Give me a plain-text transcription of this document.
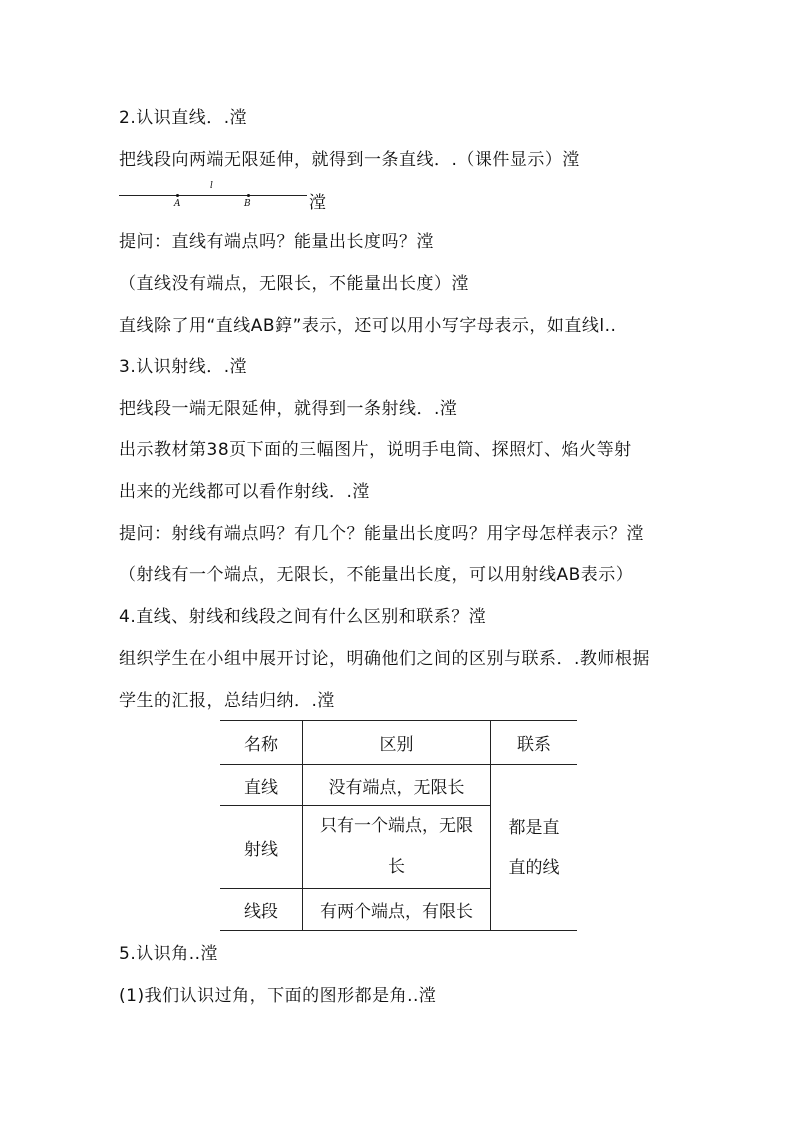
2.认识直线．.漟
把线段向两端无限延伸，就得到一条直线．.（课件显示）漟
l
A	B	漟
提问：直线有端点吗？能量出长度吗？漟
（直线没有端点，无限长，不能量出长度）漟
直线除了用“直线AB錞”表示，还可以用小写字母表示，如直线l..
3.认识射线．.漟
把线段一端无限延伸，就得到一条射线．.漟
出示教材第38页下面的三幅图片，说明手电筒、探照灯、焰火等射
出来的光线都可以看作射线．.漟
提问：射线有端点吗？有几个？能量出长度吗？用字母怎样表示？漟
（射线有一个端点，无限长，不能量出长度，可以用射线AB表示）
4.直线、射线和线段之间有什么区别和联系？漟
组织学生在小组中展开讨论，明确他们之间的区别与联系．.教师根据
学生的汇报，总结归纳．.漟
名称	区别	联系
直线	没有端点，无限长	都是直
直的线

射线	只有一个端点，无限
长	

线段	有两个端点，有限长	
5.认识角..漟
(1)我们认识过角，下面的图形都是角..漟
